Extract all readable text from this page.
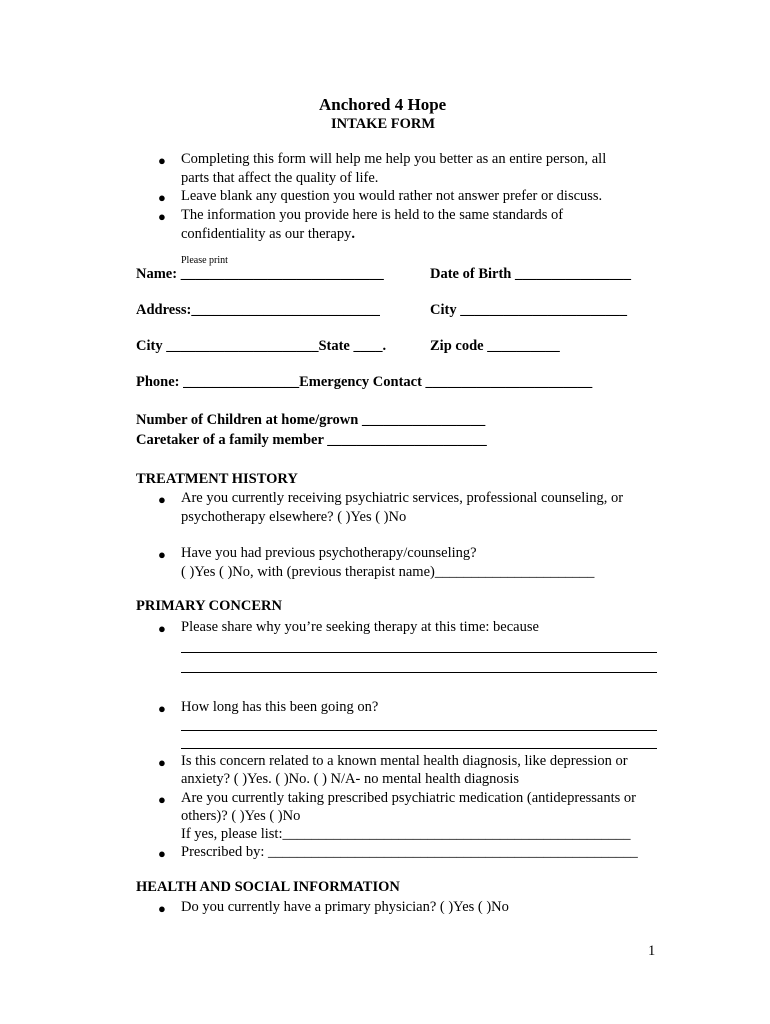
Anchored 4 Hope
INTAKE FORM
● Completing this form will help me help you better as an entire person, all
parts that affect the quality of life.
● Leave blank any question you would rather not answer prefer or discuss.
● The information you provide here is held to the same standards of
confidentiality as our therapy.
Please print
Name: ____________________________	Date of Birth ________________
Address:__________________________	City _______________________
City _____________________State ____.	Zip code __________
Phone: ________________Emergency Contact _______________________
Number of Children at home/grown _________________
Caretaker of a family member ______________________
TREATMENT HISTORY
● Are you currently receiving psychiatric services, professional counseling, or
psychotherapy elsewhere? ( )Yes ( )No
● Have you had previous psychotherapy/counseling?
( )Yes ( )No, with (previous therapist name)______________________
PRIMARY CONCERN
● Please share why you’re seeking therapy at this time: because
● How long has this been going on?
● Is this concern related to a known mental health diagnosis, like depression or
anxiety? ( )Yes. ( )No. ( ) N/A- no mental health diagnosis
● Are you currently taking prescribed psychiatric medication (antidepressants or
others)? ( )Yes ( )No
If yes, please list:________________________________________________
● Prescribed by: ___________________________________________________
HEALTH AND SOCIAL INFORMATION
● Do you currently have a primary physician? ( )Yes ( )No
1
